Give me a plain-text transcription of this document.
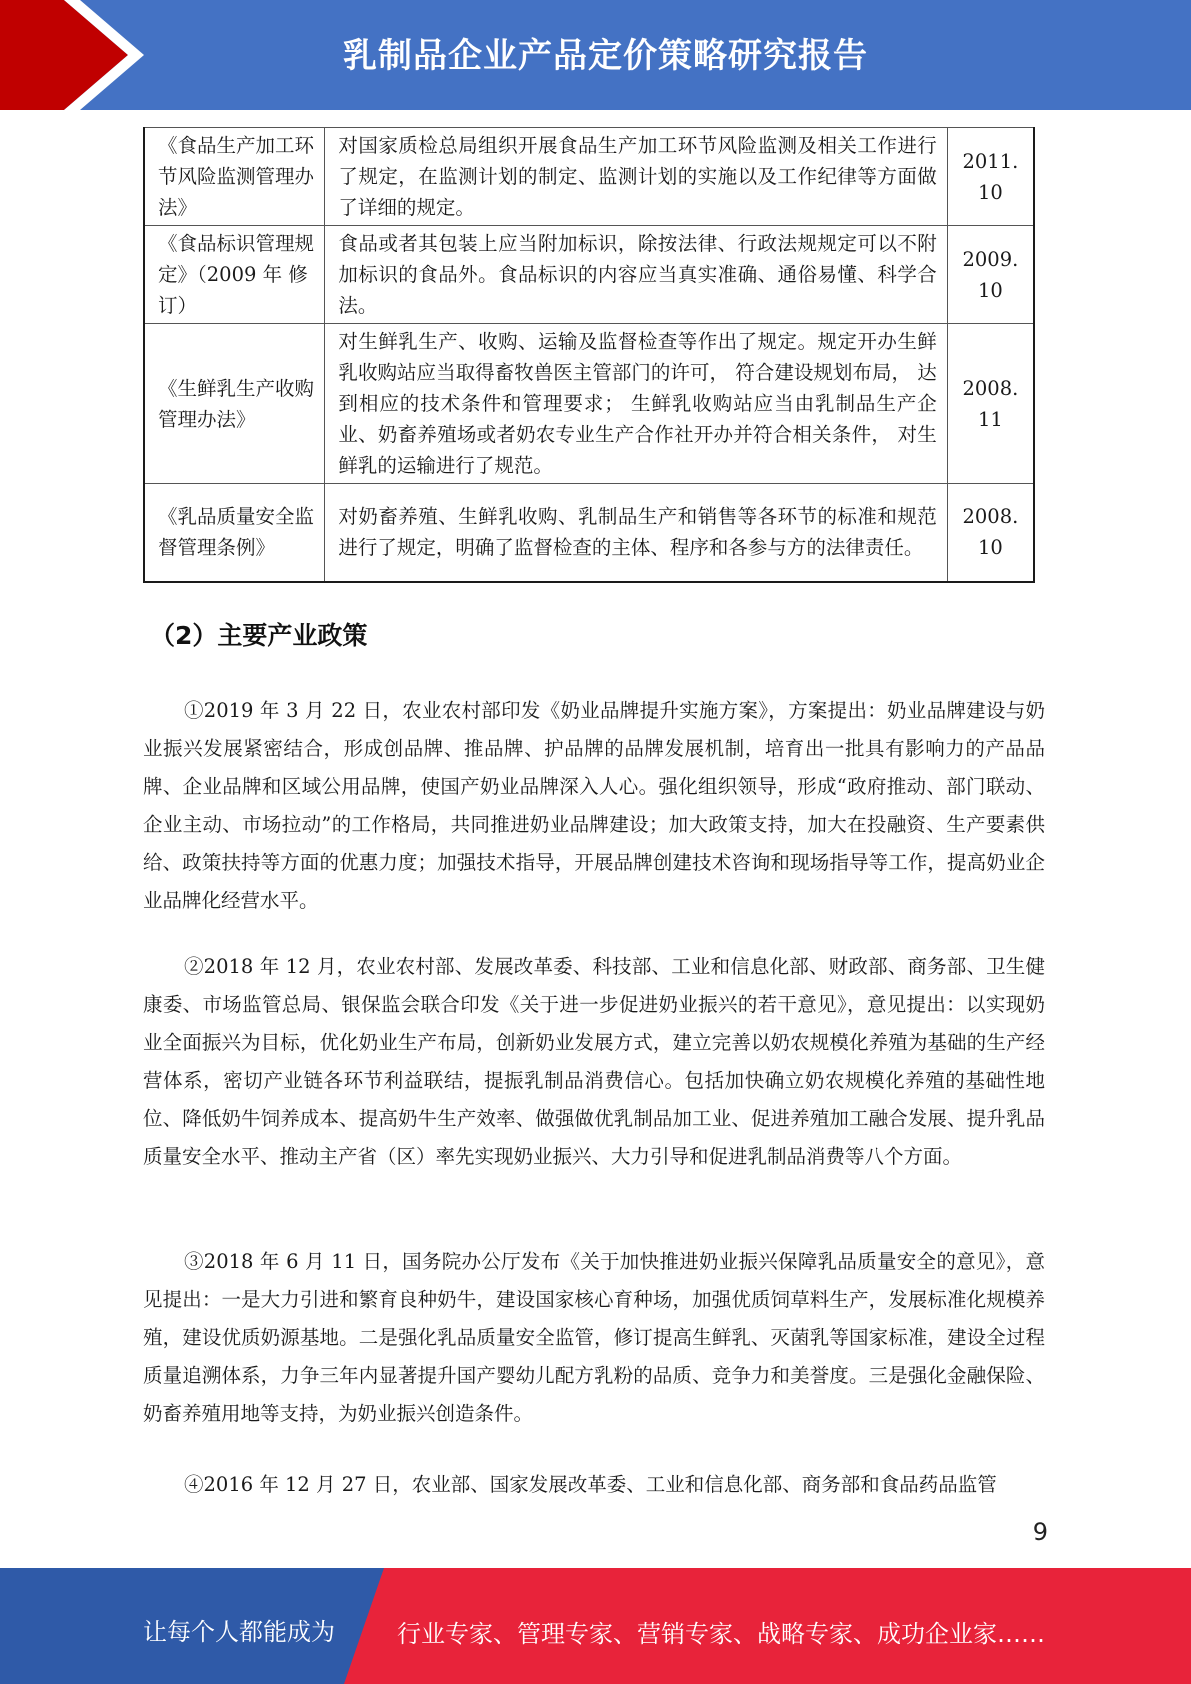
乳制品企业产品定价策略研究报告
《食品生产加工环节风险监测管理办法》	对国家质检总局组织开展食品生产加工环节风险监测及相关工作进行了规定，在监测计划的制定、监测计划的实施以及工作纪律等方面做了详细的规定。	2011. 10
《食品标识管理规定》（2009 年 修订）	食品或者其包装上应当附加标识，除按法律、行政法规规定可以不附加标识的食品外。食品标识的内容应当真实准确、通俗易懂、科学合法。	2009. 10
《生鲜乳生产收购管理办法》	对生鲜乳生产、收购、运输及监督检查等作出了规定。规定开办生鲜乳收购站应当取得畜牧兽医主管部门的许可， 符合建设规划布局， 达到相应的技术条件和管理要求； 生鲜乳收购站应当由乳制品生产企业、奶畜养殖场或者奶农专业生产合作社开办并符合相关条件， 对生鲜乳的运输进行了规范。	2008. 11
《乳品质量安全监督管理条例》	对奶畜养殖、生鲜乳收购、乳制品生产和销售等各环节的标准和规范进行了规定，明确了监督检查的主体、程序和各参与方的法律责任。	2008. 10
（2）主要产业政策

①2019 年 3 月 22 日，农业农村部印发《奶业品牌提升实施方案》，方案提出：奶业品牌建设与奶业振兴发展紧密结合，形成创品牌、推品牌、护品牌的品牌发展机制，培育出一批具有影响力的产品品牌、企业品牌和区域公用品牌，使国产奶业品牌深入人心。强化组织领导，形成“政府推动、部门联动、企业主动、市场拉动”的工作格局，共同推进奶业品牌建设；加大政策支持，加大在投融资、生产要素供给、政策扶持等方面的优惠力度；加强技术指导，开展品牌创建技术咨询和现场指导等工作，提高奶业企业品牌化经营水平。

②2018 年 12 月，农业农村部、发展改革委、科技部、工业和信息化部、财政部、商务部、卫生健康委、市场监管总局、银保监会联合印发《关于进一步促进奶业振兴的若干意见》，意见提出：以实现奶业全面振兴为目标，优化奶业生产布局，创新奶业发展方式，建立完善以奶农规模化养殖为基础的生产经营体系，密切产业链各环节利益联结，提振乳制品消费信心。包括加快确立奶农规模化养殖的基础性地位、降低奶牛饲养成本、提高奶牛生产效率、做强做优乳制品加工业、促进养殖加工融合发展、提升乳品质量安全水平、推动主产省（区）率先实现奶业振兴、大力引导和促进乳制品消费等八个方面。

③2018 年 6 月 11 日，国务院办公厅发布《关于加快推进奶业振兴保障乳品质量安全的意见》，意见提出：一是大力引进和繁育良种奶牛，建设国家核心育种场，加强优质饲草料生产，发展标准化规模养殖，建设优质奶源基地。二是强化乳品质量安全监管，修订提高生鲜乳、灭菌乳等国家标准，建设全过程质量追溯体系，力争三年内显著提升国产婴幼儿配方乳粉的品质、竞争力和美誉度。三是强化金融保险、奶畜养殖用地等支持，为奶业振兴创造条件。

④2016 年 12 月 27 日，农业部、国家发展改革委、工业和信息化部、商务部和食品药品监管

9
让每个人都能成为	行业专家、管理专家、营销专家、战略专家、成功企业家……
